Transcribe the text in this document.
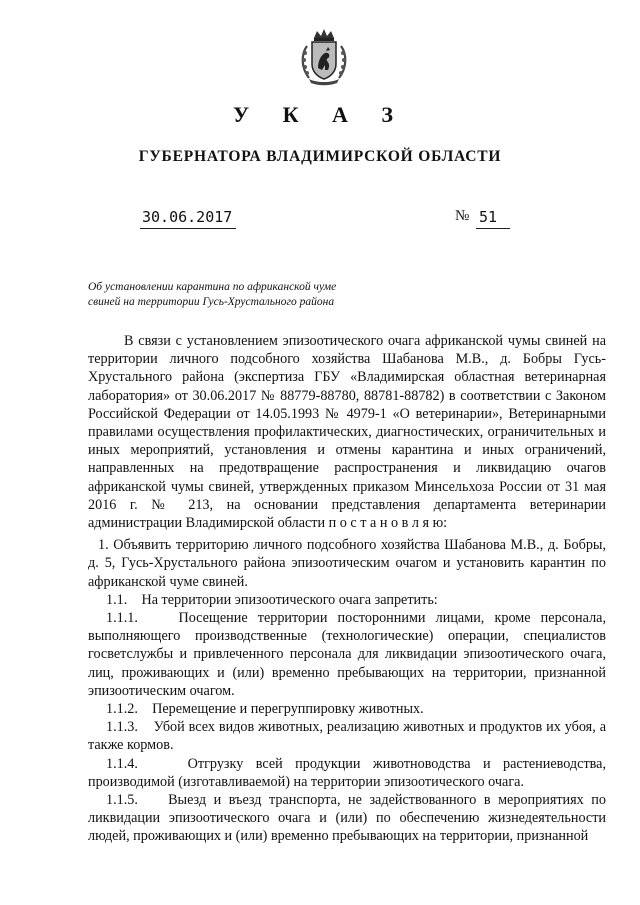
У К А З
ГУБЕРНАТОРА ВЛАДИМИРСКОЙ ОБЛАСТИ
30.06.2017	№ 51
Об установлении карантина по африканской чуме
свиней на территории Гусь-Хрустального района

В связи с установлением эпизоотического очага африканской чумы свиней на территории личного подсобного хозяйства Шабанова М.В., д. Бобры Гусь-Хрустального района (экспертиза ГБУ «Владимирская областная ветеринарная лаборатория» от 30.06.2017 № 88779-88780, 88781-88782) в соответствии с Законом Российской Федерации от 14.05.1993 № 4979-1 «О ветеринарии», Ветеринарными правилами осуществления профилактических, диагностических, ограничительных и иных мероприятий, установления и отмены карантина и иных ограничений, направленных на предотвращение распространения и ликвидацию очагов африканской чумы свиней, утвержденных приказом Минсельхоза России от 31 мая 2016 г. № 213, на основании представления департамента ветеринарии администрации Владимирской области п о с т а н о в л я ю:

1. Объявить территорию личного подсобного хозяйства Шабанова М.В., д. Бобры, д. 5, Гусь-Хрустального района эпизоотическим очагом и установить карантин по африканской чуме свиней.

1.1.    На территории эпизоотического очага запретить:

1.1.1.    Посещение территории посторонними лицами, кроме персонала, выполняющего производственные (технологические) операции, специалистов госветслужбы и привлеченного персонала для ликвидации эпизоотического очага, лиц, проживающих и (или) временно пребывающих на территории, признанной эпизоотическим очагом.

1.1.2.    Перемещение и перегруппировку животных.

1.1.3.    Убой всех видов животных, реализацию животных и продуктов их убоя, а также кормов.

1.1.4.    Отгрузку всей продукции животноводства и растениеводства, производимой (изготавливаемой) на территории эпизоотического очага.

1.1.5.    Выезд и въезд транспорта, не задействованного в мероприятиях по ликвидации эпизоотического очага и (или) по обеспечению жизнедеятельности людей, проживающих и (или) временно пребывающих на территории, признанной
